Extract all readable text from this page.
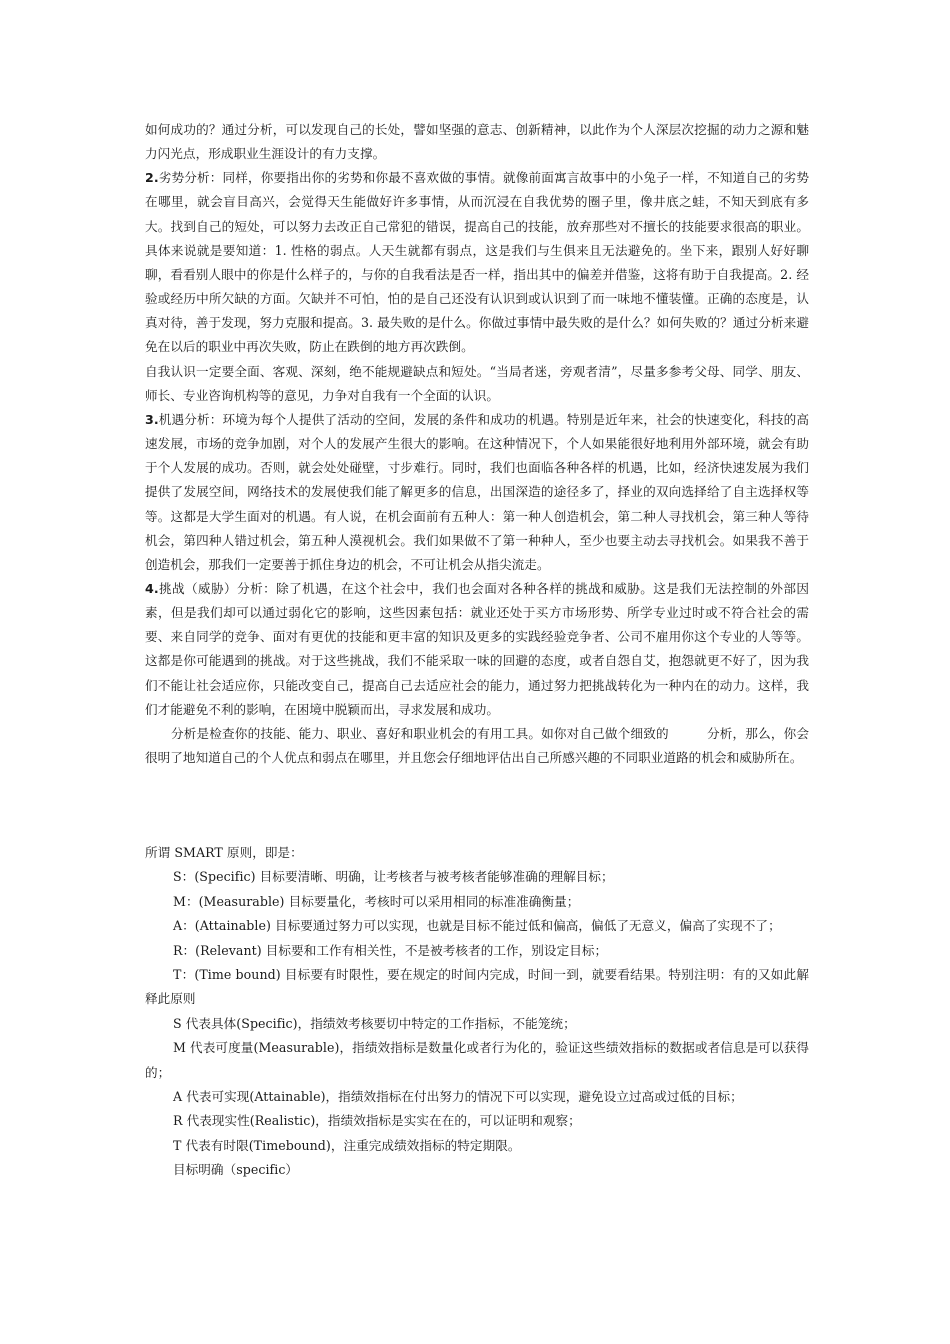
如何成功的？通过分析，可以发现自己的长处，譬如坚强的意志、创新精神，以此作为个人深层次挖掘的动力之源和魅力闪光点，形成职业生涯设计的有力支撑。

2.劣势分析：同样，你要指出你的劣势和你最不喜欢做的事情。就像前面寓言故事中的小兔子一样，不知道自己的劣势在哪里，就会盲目高兴，会觉得天生能做好许多事情，从而沉浸在自我优势的圈子里，像井底之蛙，不知天到底有多大。找到自己的短处，可以努力去改正自己常犯的错误，提高自己的技能，放弃那些对不擅长的技能要求很高的职业。具体来说就是要知道：1. 性格的弱点。人天生就都有弱点，这是我们与生俱来且无法避免的。坐下来，跟别人好好聊聊，看看别人眼中的你是什么样子的，与你的自我看法是否一样，指出其中的偏差并借鉴，这将有助于自我提高。2. 经验或经历中所欠缺的方面。欠缺并不可怕，怕的是自己还没有认识到或认识到了而一味地不懂装懂。正确的态度是，认真对待，善于发现，努力克服和提高。3. 最失败的是什么。你做过事情中最失败的是什么？如何失败的？通过分析来避免在以后的职业中再次失败，防止在跌倒的地方再次跌倒。

自我认识一定要全面、客观、深刻，绝不能规避缺点和短处。“当局者迷，旁观者清”，尽量多参考父母、同学、朋友、师长、专业咨询机构等的意见，力争对自我有一个全面的认识。

3.机遇分析：环境为每个人提供了活动的空间，发展的条件和成功的机遇。特别是近年来，社会的快速变化，科技的高速发展，市场的竞争加剧，对个人的发展产生很大的影响。在这种情况下，个人如果能很好地利用外部环境，就会有助于个人发展的成功。否则，就会处处碰壁，寸步难行。同时，我们也面临各种各样的机遇，比如，经济快速发展为我们提供了发展空间，网络技术的发展使我们能了解更多的信息，出国深造的途径多了，择业的双向选择给了自主选择权等等。这都是大学生面对的机遇。有人说，在机会面前有五种人：第一种人创造机会，第二种人寻找机会，第三种人等待机会，第四种人错过机会，第五种人漠视机会。我们如果做不了第一种种人，至少也要主动去寻找机会。如果我不善于创造机会，那我们一定要善于抓住身边的机会，不可让机会从指尖流走。

4.挑战（威胁）分析：除了机遇，在这个社会中，我们也会面对各种各样的挑战和威胁。这是我们无法控制的外部因素，但是我们却可以通过弱化它的影响，这些因素包括：就业还处于买方市场形势、所学专业过时或不符合社会的需要、来自同学的竞争、面对有更优的技能和更丰富的知识及更多的实践经验竞争者、公司不雇用你这个专业的人等等。这都是你可能遇到的挑战。对于这些挑战，我们不能采取一味的回避的态度，或者自怨自艾，抱怨就更不好了，因为我们不能让社会适应你，只能改变自己，提高自己去适应社会的能力，通过努力把挑战转化为一种内在的动力。这样，我们才能避免不利的影响，在困境中脱颖而出，寻求发展和成功。

分析是检查你的技能、能力、职业、喜好和职业机会的有用工具。如你对自己做个细致的　　　分析，那么，你会很明了地知道自己的个人优点和弱点在哪里，并且您会仔细地评估出自己所感兴趣的不同职业道路的机会和威胁所在。

所谓 SMART 原则，即是：

S：(Specific) 目标要清晰、明确，让考核者与被考核者能够准确的理解目标；

M：(Measurable) 目标要量化，考核时可以采用相同的标准准确衡量；

A：(Attainable) 目标要通过努力可以实现，也就是目标不能过低和偏高，偏低了无意义，偏高了实现不了；

R：(Relevant) 目标要和工作有相关性，不是被考核者的工作，别设定目标；

T：(Time bound) 目标要有时限性，要在规定的时间内完成，时间一到，就要看结果。特别注明：有的又如此解释此原则

S 代表具体(Specific)，指绩效考核要切中特定的工作指标，不能笼统；

M 代表可度量(Measurable)，指绩效指标是数量化或者行为化的，验证这些绩效指标的数据或者信息是可以获得的；

A 代表可实现(Attainable)，指绩效指标在付出努力的情况下可以实现，避免设立过高或过低的目标；

R 代表现实性(Realistic)，指绩效指标是实实在在的，可以证明和观察；

T 代表有时限(Timebound)，注重完成绩效指标的特定期限。

目标明确（specific）
